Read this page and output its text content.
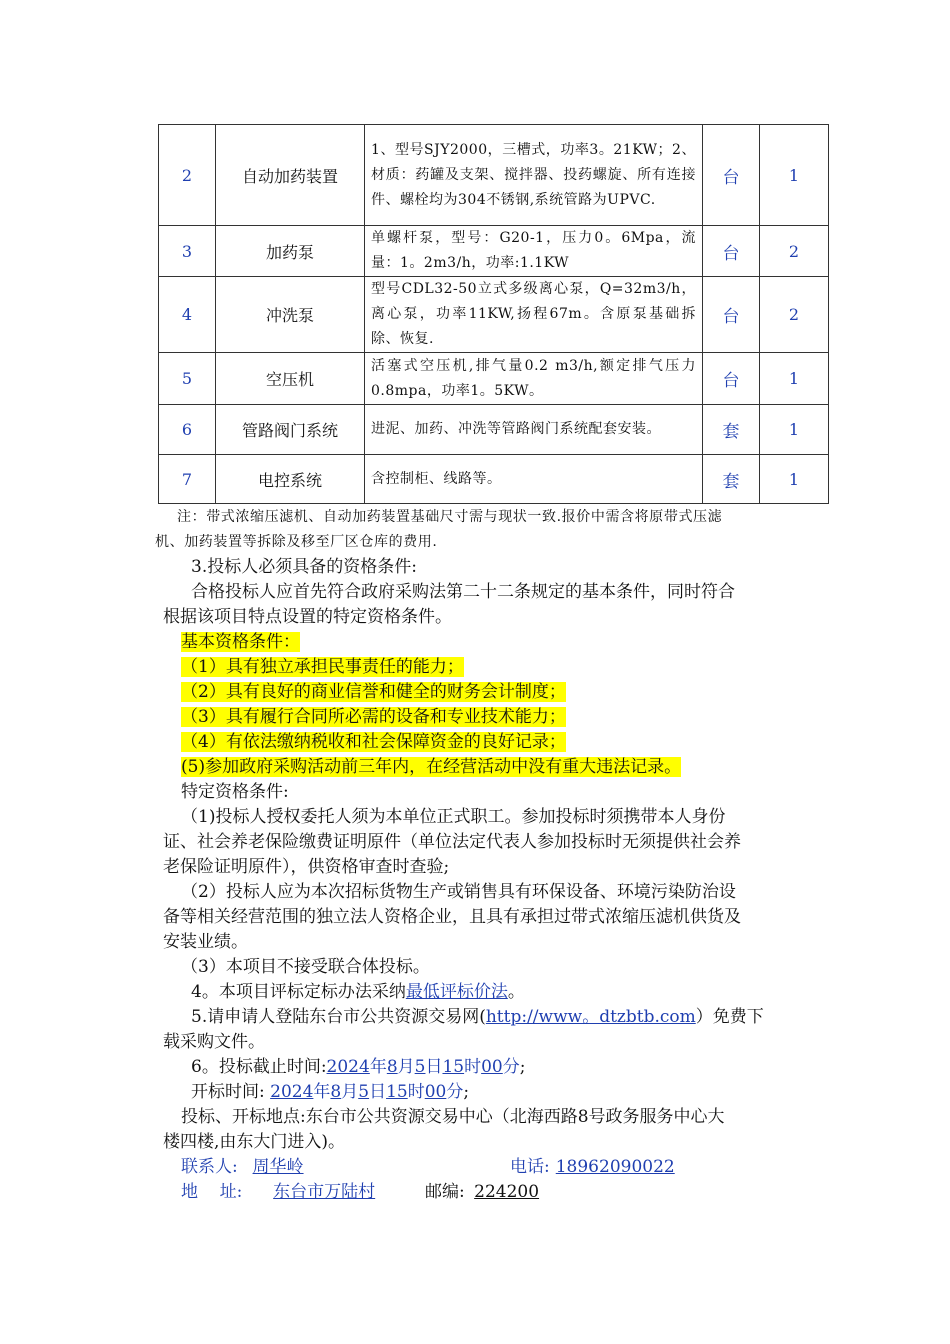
2	自动加药装置	1、型号SJY2000，三槽式，功率3。21KW；2、材质：药罐及支架、搅拌器、投药螺旋、所有连接件、螺栓均为304不锈钢,系统管路为UPVC.	台	1
3	加药泵	单螺杆泵，型号：G20-1，压力0。6Mpa，流量：1。2m3/h，功率:1.1KW	台	2
4	冲洗泵	型号CDL32-50立式多级离心泵，Q=32m3/h，离心泵，功率11KW,扬程67m。含原泵基础拆除、恢复.	台	2
5	空压机	活塞式空压机,排气量0.2 m3/h,额定排气压力0.8mpa，功率1。5KW。	台	1
6	管路阀门系统	进泥、加药、冲洗等管路阀门系统配套安装。	套	1
7	电控系统	含控制柜、线路等。	套	1
注：带式浓缩压滤机、自动加药装置基础尺寸需与现状一致.报价中需含将原带式压滤
机、加药装置等拆除及移至厂区仓库的费用.
3.投标人必须具备的资格条件:
合格投标人应首先符合政府采购法第二十二条规定的基本条件，同时符合
根据该项目特点设置的特定资格条件。
基本资格条件：
（1）具有独立承担民事责任的能力；
（2）具有良好的商业信誉和健全的财务会计制度；
（3）具有履行合同所必需的设备和专业技术能力；
（4）有依法缴纳税收和社会保障资金的良好记录；
(5)参加政府采购活动前三年内，在经营活动中没有重大违法记录。
特定资格条件:
（1)投标人授权委托人须为本单位正式职工。参加投标时须携带本人身份
证、社会养老保险缴费证明原件（单位法定代表人参加投标时无须提供社会养
老保险证明原件），供资格审查时查验;
（2）投标人应为本次招标货物生产或销售具有环保设备、环境污染防治设
备等相关经营范围的独立法人资格企业，且具有承担过带式浓缩压滤机供货及
安装业绩。
（3）本项目不接受联合体投标。
4。本项目评标定标办法采纳最低评标价法。
5.请申请人登陆东台市公共资源交易网(http://www。dtzbtb.com）免费下
载采购文件。
6。投标截止时间:2024年8月5日15时00分;
开标时间: 2024年8月5日15时00分;
投标、开标地点:东台市公共资源交易中心（北海西路8号政务服务中心大
楼四楼,由东大门进入)。
联系人: 周华岭	电话: 18962090022
地    址: 东台市万陆村	邮编: 224200
